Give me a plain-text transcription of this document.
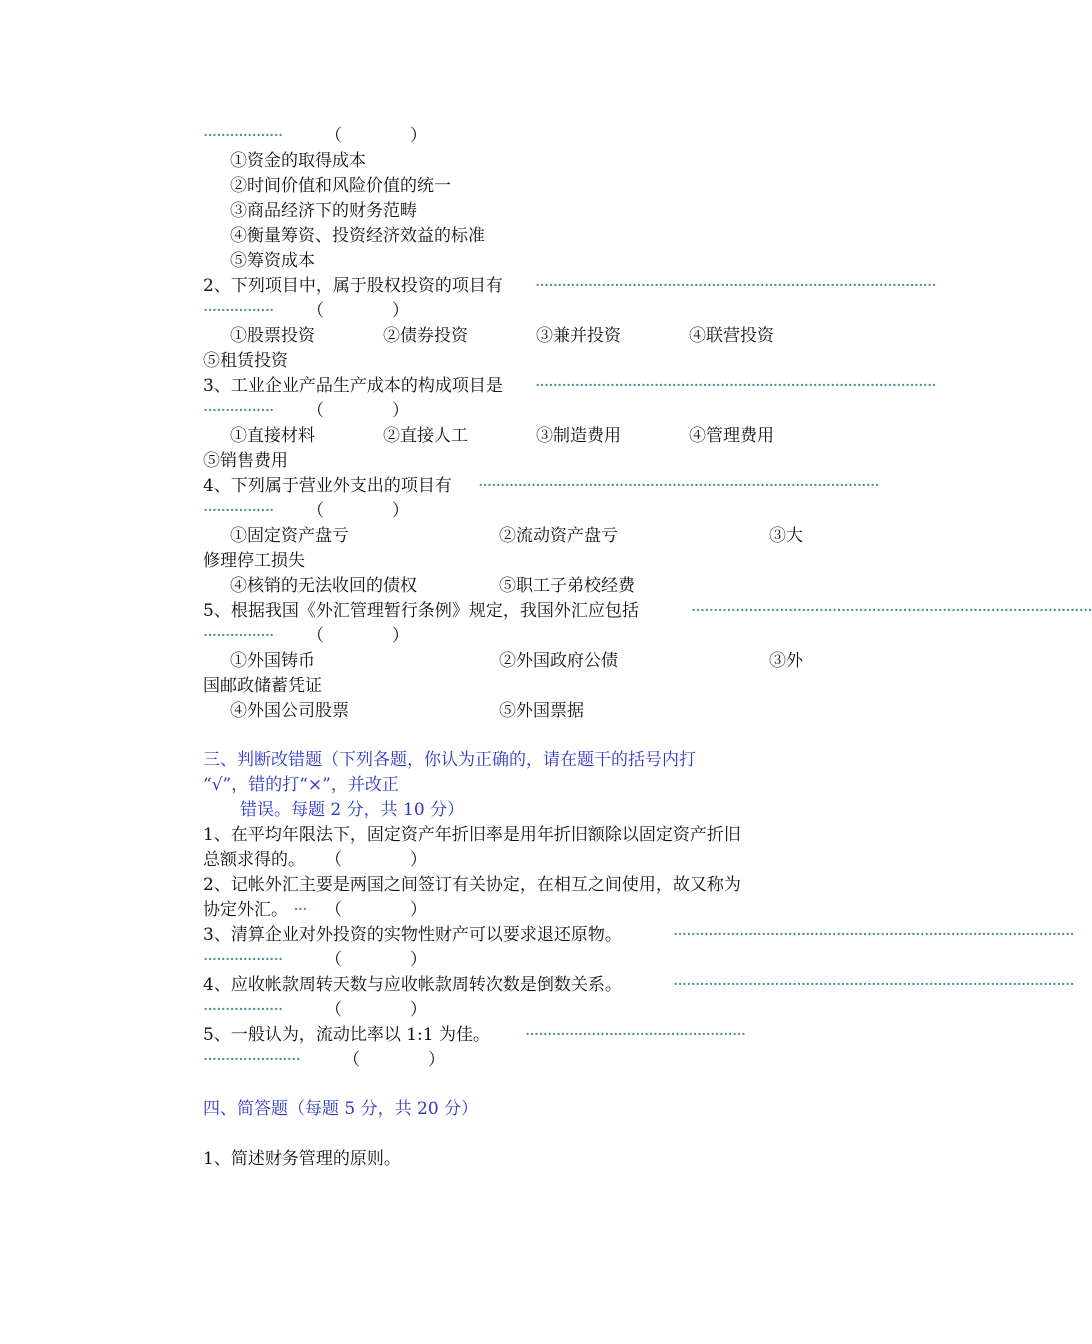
··················	（　　　　）
①资金的取得成本
②时间价值和风险价值的统一
③商品经济下的财务范畴
④衡量筹资、投资经济效益的标准
⑤筹资成本
2、下列项目中，属于股权投资的项目有 ···························································································
················ （　　　　）
①股票投资	②债券投资	③兼并投资	④联营投资
⑤租赁投资
3、工业企业产品生产成本的构成项目是 ···························································································
················ （　　　　）
①直接材料	②直接人工	③制造费用	④管理费用
⑤销售费用
4、下列属于营业外支出的项目有 ···························································································
················ （　　　　）
①固定资产盘亏	②流动资产盘亏	③大
修理停工损失
④核销的无法收回的债权	⑤职工子弟校经费
5、根据我国《外汇管理暂行条例》规定，我国外汇应包括	···························································································
················ （　　　　）
①外国铸币	②外国政府公债	③外
国邮政储蓄凭证
④外国公司股票	⑤外国票据
三、判断改错题（下列各题，你认为正确的，请在题干的括号内打
“√”，错的打“×”，并改正
错误。每题 2 分，共 10 分）
1、在平均年限法下，固定资产年折旧率是用年折旧额除以固定资产折旧
总额求得的。 （　　　　）
2、记帐外汇主要是两国之间签订有关协定，在相互之间使用，故又称为
协定外汇。 ··· （　　　　）
3、清算企业对外投资的实物性财产可以要求退还原物。	···························································································
··················	（　　　　）
4、应收帐款周转天数与应收帐款周转次数是倒数关系。	···························································································
··················	（　　　　）
5、一般认为，流动比率以 1:1 为佳。 ··················································
······················	（　　　　）
四、简答题（每题 5 分，共 20 分）
1、简述财务管理的原则。
